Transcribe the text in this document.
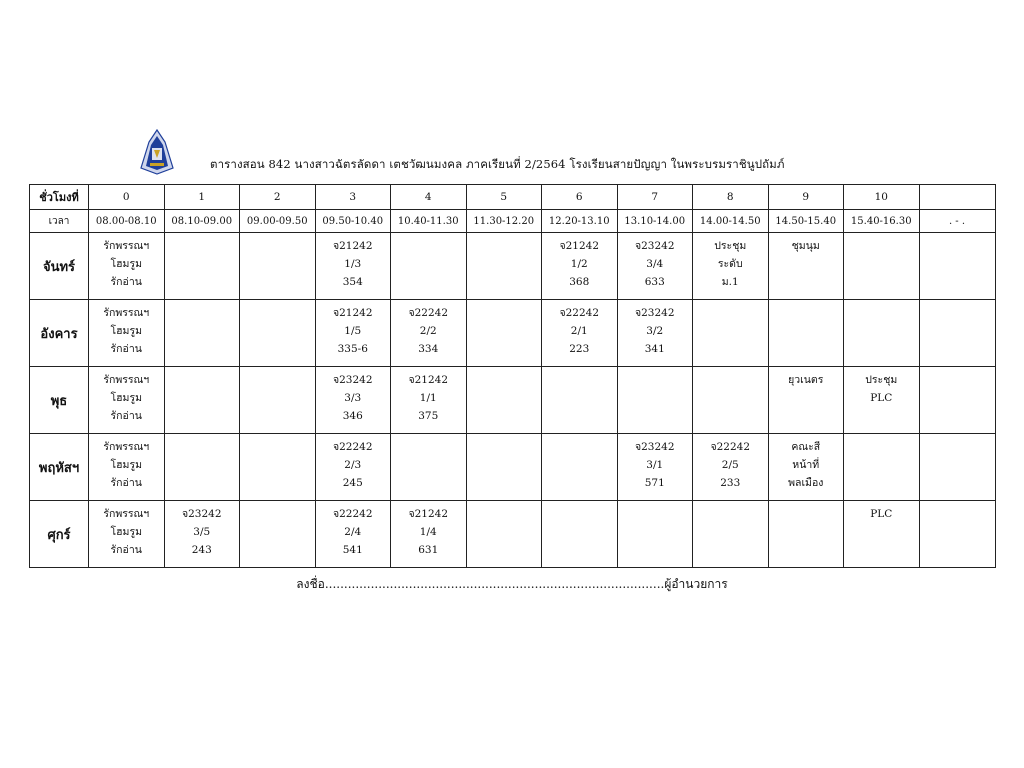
ตารางสอน 842 นางสาวฉัตรลัดดา เตชวัฒนมงคล ภาคเรียนที่ 2/2564 โรงเรียนสายปัญญา ในพระบรมราชินูปถัมภ์
ชั่วโมงที่	0	1	2	3	4	5	6	7	8	9	10	
เวลา	08.00-08.10	08.10-09.00	09.00-09.50	09.50-10.40	10.40-11.30	11.30-12.20	12.20-13.10	13.10-14.00	14.00-14.50	14.50-15.40	15.40-16.30	. - .
จันทร์	รักพรรณฯ
โฮมรูม
รักอ่าน			จ21242
1/3
354			จ21242
1/2
368	จ23242
3/4
633	ประชุม
ระดับ
ม.1	ชุมนุม		

อังคาร	รักพรรณฯ
โฮมรูม
รักอ่าน			จ21242
1/5
335-6	จ22242
2/2
334		จ22242
2/1
223	จ23242
3/2
341				

พุธ	รักพรรณฯ
โฮมรูม
รักอ่าน			จ23242
3/3
346	จ21242
1/1
375					ยุวเนตร	ประชุม
PLC	

พฤหัสฯ	รักพรรณฯ
โฮมรูม
รักอ่าน			จ22242
2/3
245				จ23242
3/1
571	จ22242
2/5
233	คณะสี
หน้าที่
พลเมือง		

ศุกร์	รักพรรณฯ
โฮมรูม
รักอ่าน	จ23242
3/5
243		จ22242
2/4
541	จ21242
1/4
631						PLC	

ลงชื่อ.........................................................................................ผู้อำนวยการ
